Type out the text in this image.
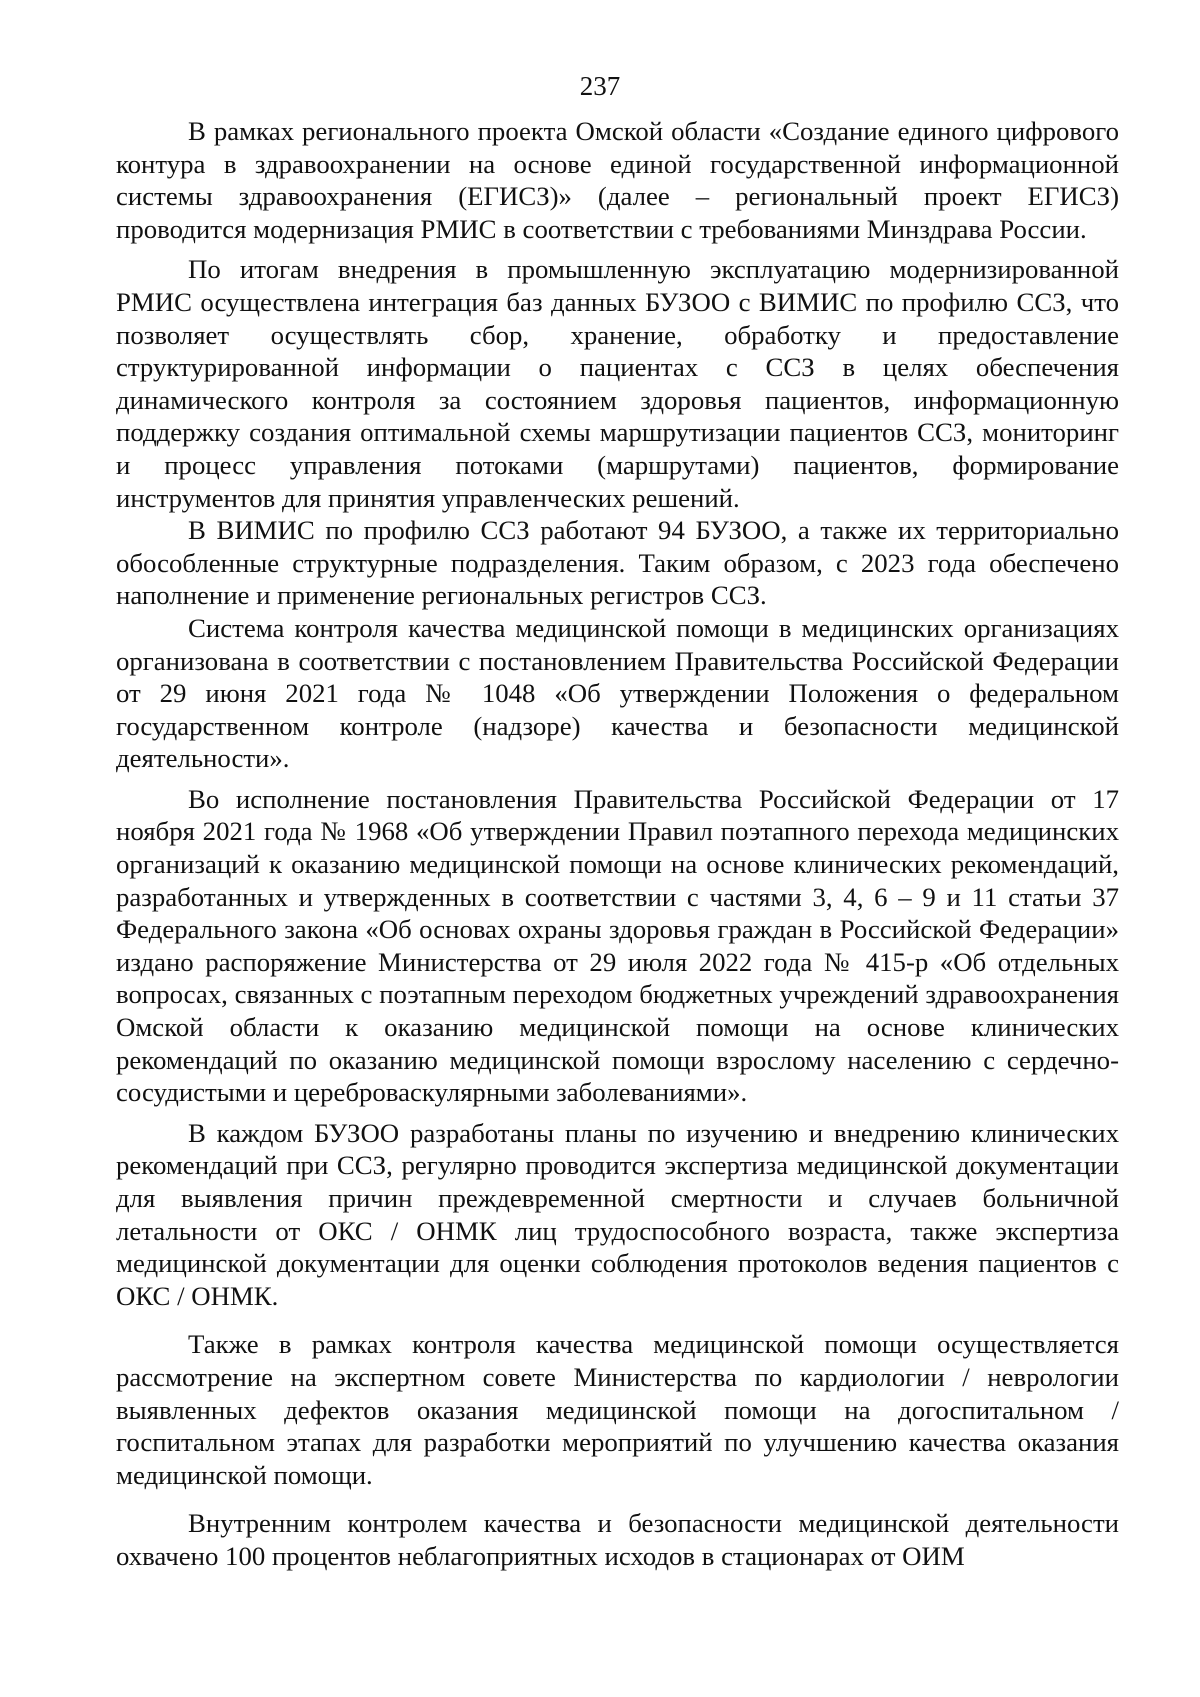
237

В рамках регионального проекта Омской области «Создание единого цифрового контура в здравоохранении на основе единой государственной информационной системы здравоохранения (ЕГИСЗ)» (далее – региональный проект ЕГИСЗ) проводится модернизация РМИС в соответствии с требованиями Минздрава России.

По итогам внедрения в промышленную эксплуатацию модернизированной РМИС осуществлена интеграция баз данных БУЗОО с ВИМИС по профилю ССЗ, что позволяет осуществлять сбор, хранение, обработку и предоставление структурированной информации о пациентах с ССЗ в целях обеспечения динамического контроля за состоянием здоровья пациентов, информационную поддержку создания оптимальной схемы маршрутизации пациентов ССЗ, мониторинг и процесс управления потоками (маршрутами) пациентов, формирование инструментов для принятия управленческих решений.

В ВИМИС по профилю ССЗ работают 94 БУЗОО, а также их территориально обособленные структурные подразделения. Таким образом, с 2023 года обеспечено наполнение и применение региональных регистров ССЗ.

Система контроля качества медицинской помощи в медицинских организациях организована в соответствии с постановлением Правительства Российской Федерации от 29 июня 2021 года № 1048 «Об утверждении Положения о федеральном государственном контроле (надзоре) качества и безопасности медицинской деятельности».

Во исполнение постановления Правительства Российской Федерации от 17 ноября 2021 года № 1968 «Об утверждении Правил поэтапного перехода медицинских организаций к оказанию медицинской помощи на основе клинических рекомендаций, разработанных и утвержденных в соответствии с частями 3, 4, 6 – 9 и 11 статьи 37 Федерального закона «Об основах охраны здоровья граждан в Российской Федерации» издано распоряжение Министерства от 29 июля 2022 года № 415-р «Об отдельных вопросах, связанных с поэтапным переходом бюджетных учреждений здравоохранения Омской области к оказанию медицинской помощи на основе клинических рекомендаций по оказанию медицинской помощи взрослому населению с сердечно-сосудистыми и цереброваскулярными заболеваниями».

В каждом БУЗОО разработаны планы по изучению и внедрению клинических рекомендаций при ССЗ, регулярно проводится экспертиза медицинской документации для выявления причин преждевременной смертности и случаев больничной летальности от ОКС / ОНМК лиц трудоспособного возраста, также экспертиза медицинской документации для оценки соблюдения протоколов ведения пациентов с ОКС / ОНМК.

Также в рамках контроля качества медицинской помощи осуществляется рассмотрение на экспертном совете Министерства по кардиологии / неврологии выявленных дефектов оказания медицинской помощи на догоспитальном / госпитальном этапах для разработки мероприятий по улучшению качества оказания медицинской помощи.

Внутренним контролем качества и безопасности медицинской деятельности охвачено 100 процентов неблагоприятных исходов в стационарах от ОИМ
